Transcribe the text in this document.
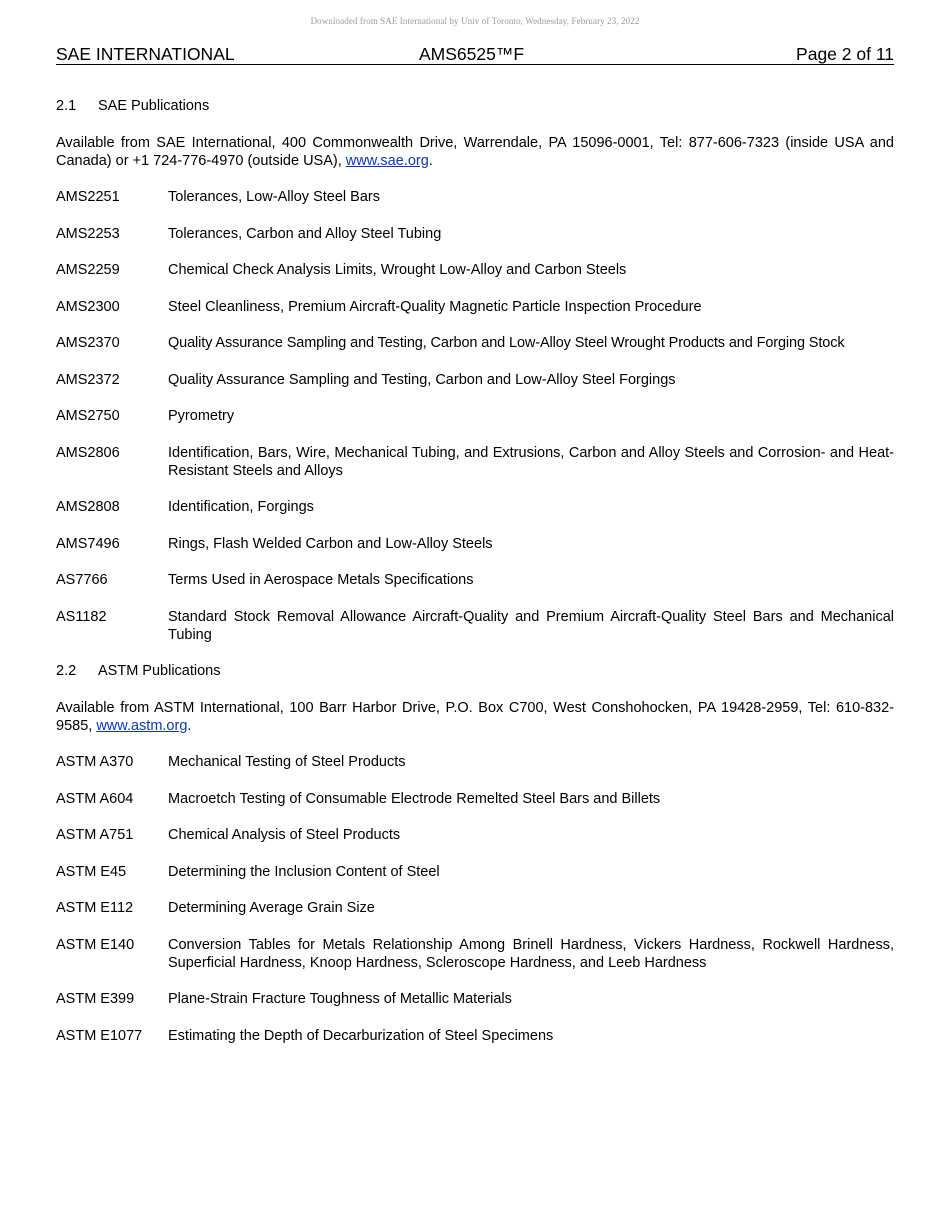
Downloaded from SAE International by Univ of Toronto, Wednesday, February 23, 2022
SAE INTERNATIONAL	AMS6525™F	Page 2 of 11
2.1 SAE Publications

Available from SAE International, 400 Commonwealth Drive, Warrendale, PA 15096-0001, Tel: 877-606-7323 (inside USA and Canada) or +1 724-776-4970 (outside USA), www.sae.org.

AMS2251	Tolerances, Low-Alloy Steel Bars
AMS2253	Tolerances, Carbon and Alloy Steel Tubing
AMS2259	Chemical Check Analysis Limits, Wrought Low-Alloy and Carbon Steels
AMS2300	Steel Cleanliness, Premium Aircraft-Quality Magnetic Particle Inspection Procedure
AMS2370	Quality Assurance Sampling and Testing, Carbon and Low-Alloy Steel Wrought Products and Forging Stock
AMS2372	Quality Assurance Sampling and Testing, Carbon and Low-Alloy Steel Forgings
AMS2750	Pyrometry
AMS2806	Identification, Bars, Wire, Mechanical Tubing, and Extrusions, Carbon and Alloy Steels and Corrosion- and Heat-Resistant Steels and Alloys
AMS2808	Identification, Forgings
AMS7496	Rings, Flash Welded Carbon and Low-Alloy Steels
AS7766	Terms Used in Aerospace Metals Specifications
AS1182	Standard Stock Removal Allowance Aircraft-Quality and Premium Aircraft-Quality Steel Bars and Mechanical Tubing
2.2 ASTM Publications

Available from ASTM International, 100 Barr Harbor Drive, P.O. Box C700, West Conshohocken, PA 19428-2959, Tel: 610-832-9585, www.astm.org.

ASTM A370	Mechanical Testing of Steel Products
ASTM A604	Macroetch Testing of Consumable Electrode Remelted Steel Bars and Billets
ASTM A751	Chemical Analysis of Steel Products
ASTM E45	Determining the Inclusion Content of Steel
ASTM E112	Determining Average Grain Size
ASTM E140	Conversion Tables for Metals Relationship Among Brinell Hardness, Vickers Hardness, Rockwell Hardness, Superficial Hardness, Knoop Hardness, Scleroscope Hardness, and Leeb Hardness
ASTM E399	Plane-Strain Fracture Toughness of Metallic Materials
ASTM E1077	Estimating the Depth of Decarburization of Steel Specimens
